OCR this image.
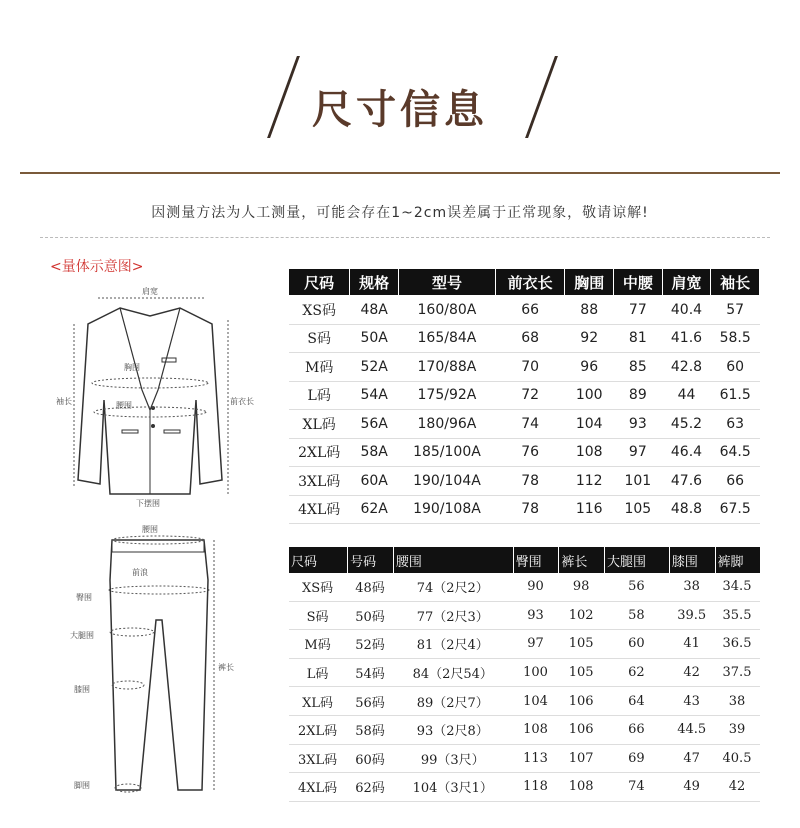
尺寸信息
因测量方法为人工测量，可能会存在1~2cm误差属于正常现象，敬请谅解!
<量体示意图>
肩宽
胸围
腰围
袖长	前衣长
下摆围
腰围
臀围
前浪
大腿围
膝围
脚围
裤长
尺码	规格	型号	前衣长	胸围	中腰	肩宽	袖长
XS码	48A	160/80A	66	88	77	40.4	57
S码	50A	165/84A	68	92	81	41.6	58.5
M码	52A	170/88A	70	96	85	42.8	60
L码	54A	175/92A	72	100	89	44	61.5
XL码	56A	180/96A	74	104	93	45.2	63
2XL码	58A	185/100A	76	108	97	46.4	64.5
3XL码	60A	190/104A	78	112	101	47.6	66
4XL码	62A	190/108A	78	116	105	48.8	67.5
尺码	号码	腰围	臀围	裤长	大腿围	膝围	裤脚
XS码	48码	74（2尺2）	90	98	56	38	34.5
S码	50码	77（2尺3）	93	102	58	39.5	35.5
M码	52码	81（2尺4）	97	105	60	41	36.5
L码	54码	84（2尺54）	100	105	62	42	37.5
XL码	56码	89（2尺7）	104	106	64	43	38
2XL码	58码	93（2尺8）	108	106	66	44.5	39
3XL码	60码	99（3尺）	113	107	69	47	40.5
4XL码	62码	104（3尺1）	118	108	74	49	42
